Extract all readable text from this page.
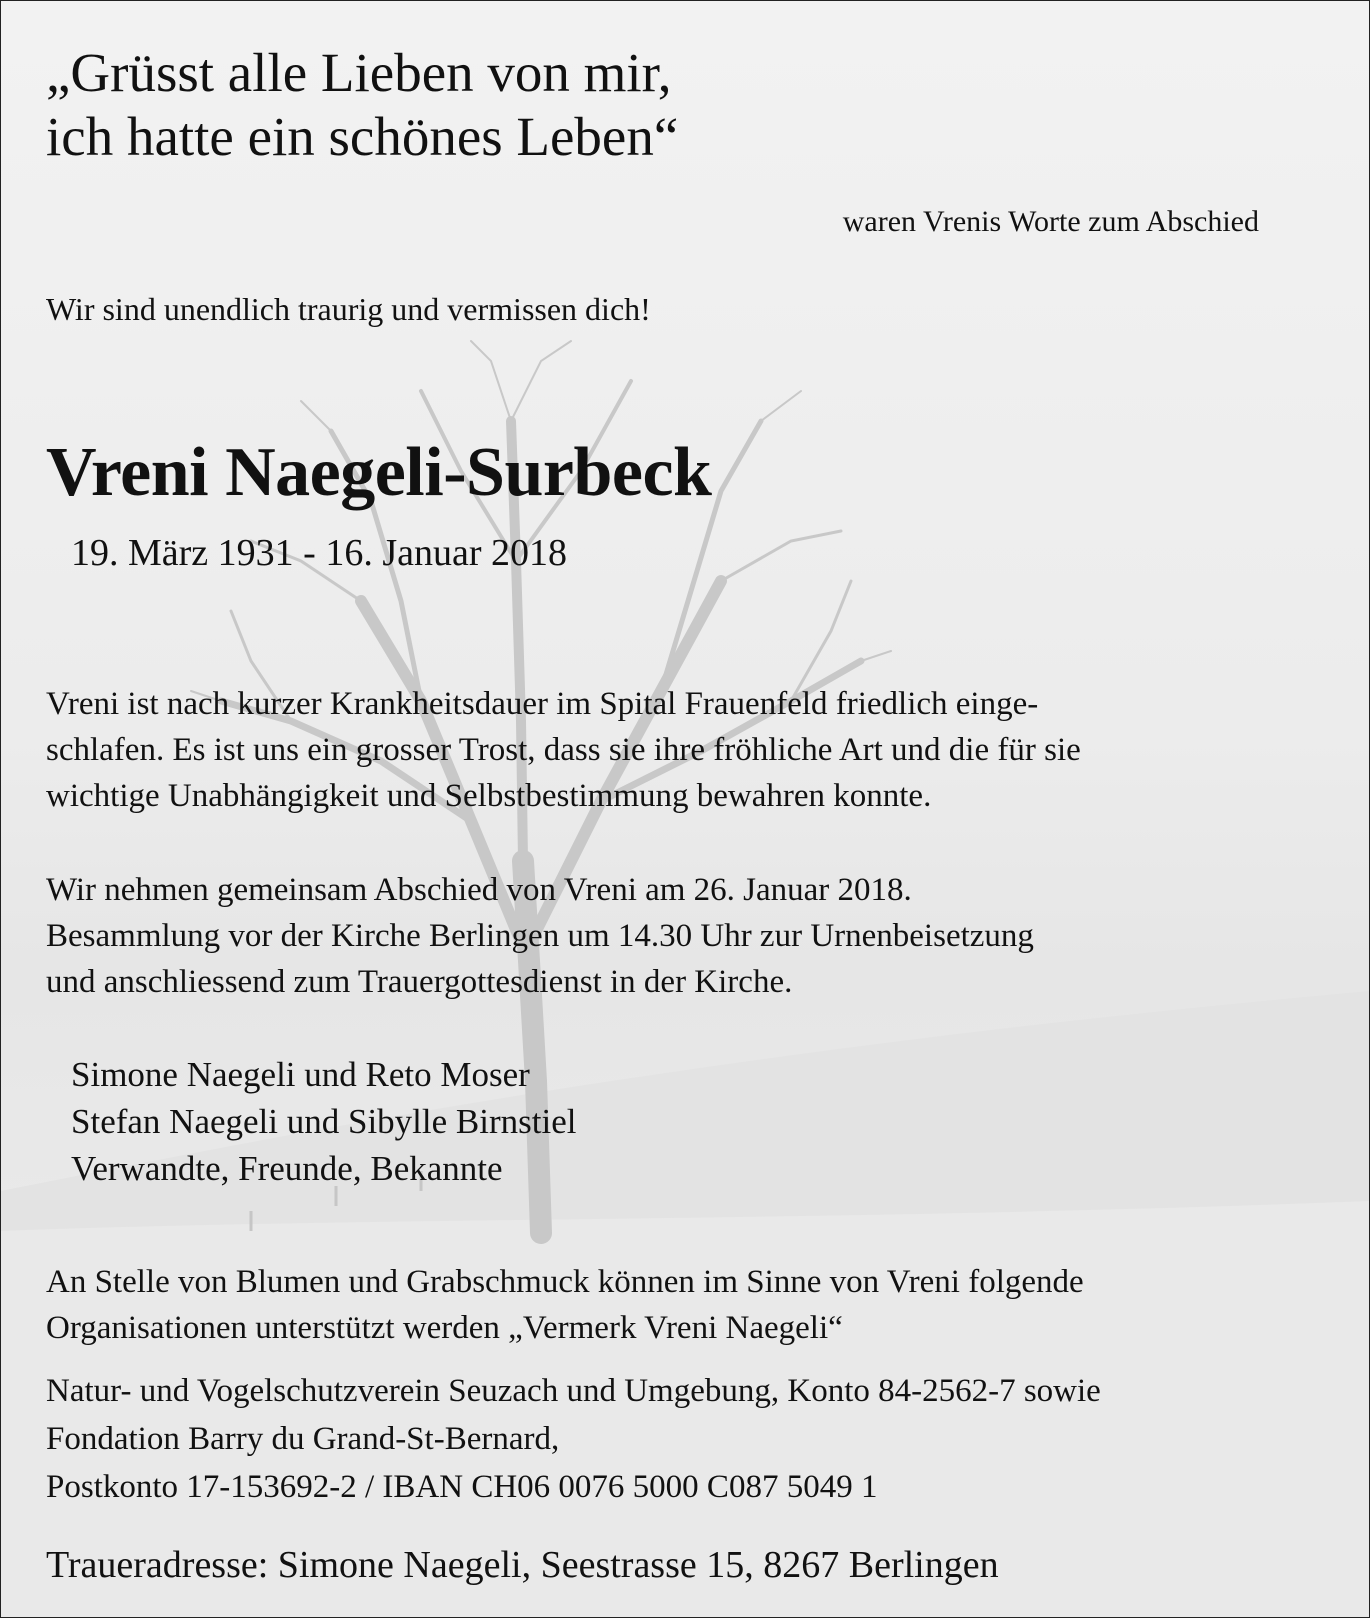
„Grüsst alle Lieben von mir,
ich hatte ein schönes Leben“
waren Vrenis Worte zum Abschied
Wir sind unendlich traurig und vermissen dich!
Vreni Naegeli-Surbeck
19. März 1931 - 16. Januar 2018
Vreni ist nach kurzer Krankheitsdauer im Spital Frauenfeld friedlich einge-
schlafen. Es ist uns ein grosser Trost, dass sie ihre fröhliche Art und die für sie
wichtige Unabhängigkeit und Selbstbestimmung bewahren konnte.
Wir nehmen gemeinsam Abschied von Vreni am 26. Januar 2018.
Besammlung vor der Kirche Berlingen um 14.30 Uhr zur Urnenbeisetzung
und anschliessend zum Trauergottesdienst in der Kirche.
Simone Naegeli und Reto Moser
Stefan Naegeli und Sibylle Birnstiel
Verwandte, Freunde, Bekannte
An Stelle von Blumen und Grabschmuck können im Sinne von Vreni folgende
Organisationen unterstützt werden „Vermerk Vreni Naegeli“
Natur- und Vogelschutzverein Seuzach und Umgebung, Konto 84-2562-7 sowie
Fondation Barry du Grand-St-Bernard,
Postkonto 17-153692-2 / IBAN CH06 0076 5000 C087 5049 1
Traueradresse: Simone Naegeli, Seestrasse 15, 8267 Berlingen
